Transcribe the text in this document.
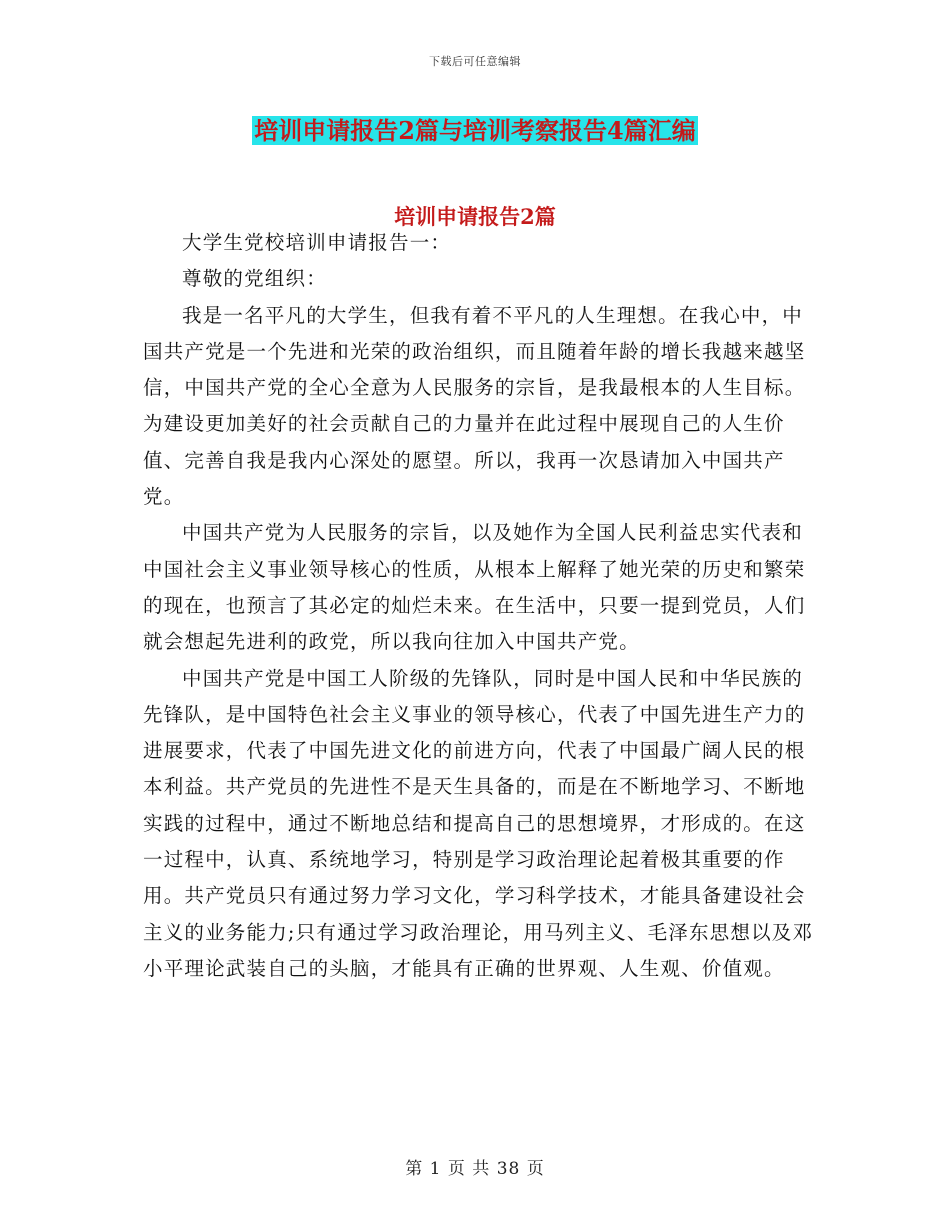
下载后可任意编辑
培训申请报告2篇与培训考察报告4篇汇编
培训申请报告2篇

大学生党校培训申请报告一：

尊敬的党组织：

我是一名平凡的大学生，但我有着不平凡的人生理想。在我心中，中国共产党是一个先进和光荣的政治组织，而且随着年龄的增长我越来越坚信，中国共产党的全心全意为人民服务的宗旨，是我最根本的人生目标。为建设更加美好的社会贡献自己的力量并在此过程中展现自己的人生价值、完善自我是我内心深处的愿望。所以，我再一次恳请加入中国共产党。

中国共产党为人民服务的宗旨，以及她作为全国人民利益忠实代表和中国社会主义事业领导核心的性质，从根本上解释了她光荣的历史和繁荣的现在，也预言了其必定的灿烂未来。在生活中，只要一提到党员，人们就会想起先进利的政党，所以我向往加入中国共产党。

中国共产党是中国工人阶级的先锋队，同时是中国人民和中华民族的先锋队，是中国特色社会主义事业的领导核心，代表了中国先进生产力的进展要求，代表了中国先进文化的前进方向，代表了中国最广阔人民的根本利益。共产党员的先进性不是天生具备的，而是在不断地学习、不断地实践的过程中，通过不断地总结和提高自己的思想境界，才形成的。在这一过程中，认真、系统地学习，特别是学习政治理论起着极其重要的作用。共产党员只有通过努力学习文化，学习科学技术，才能具备建设社会主义的业务能力;只有通过学习政治理论，用马列主义、毛泽东思想以及邓小平理论武装自己的头脑，才能具有正确的世界观、人生观、价值观。

第 1 页 共 38 页
